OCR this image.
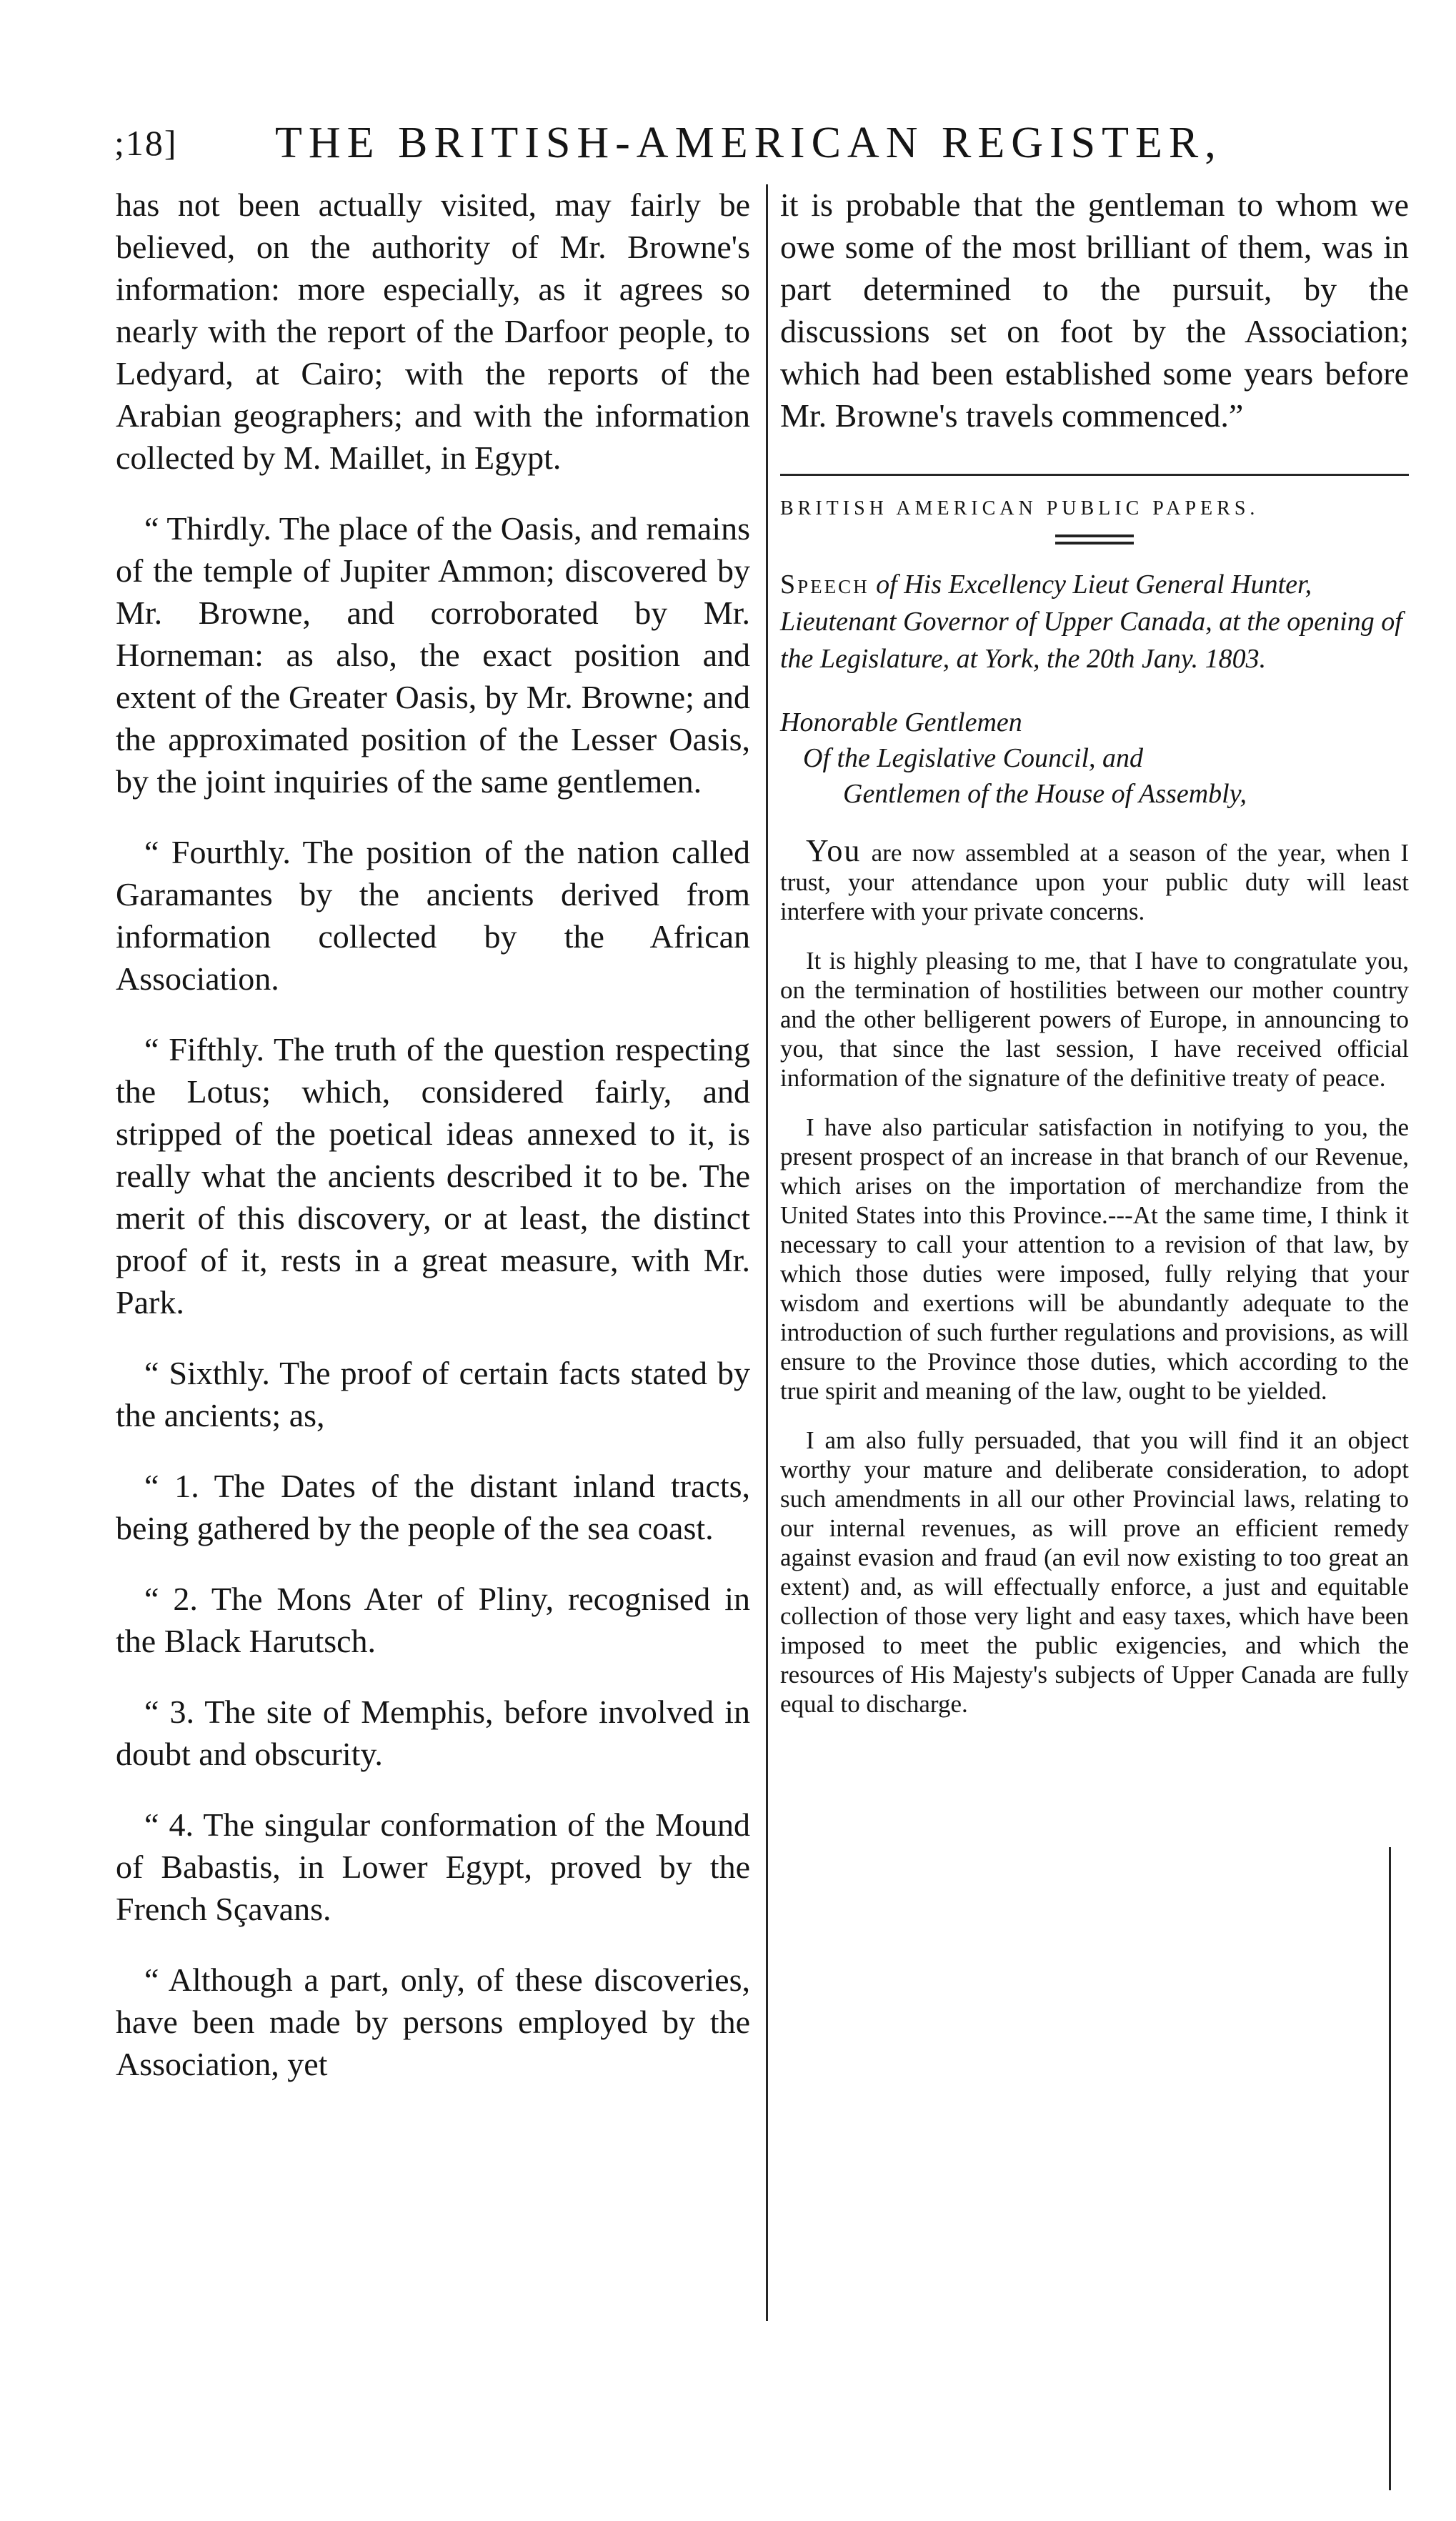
;18] THE BRITISH-AMERICAN REGISTER,

has not been actually visited, may fairly be believed, on the authority of Mr. Browne's information: more especially, as it agrees so nearly with the report of the Darfoor people, to Ledyard, at Cairo; with the reports of the Arabian geographers; and with the information collected by M. Maillet, in Egypt.

“ Thirdly. The place of the Oasis, and remains of the temple of Jupiter Ammon; discovered by Mr. Browne, and corroborated by Mr. Horneman: as also, the exact position and extent of the Greater Oasis, by Mr. Browne; and the approximated position of the Lesser Oasis, by the joint inquiries of the same gentlemen.

“ Fourthly. The position of the nation called Garamantes by the ancients derived from information collected by the African Association.

“ Fifthly. The truth of the question respecting the Lotus; which, considered fairly, and stripped of the poetical ideas annexed to it, is really what the ancients described it to be. The merit of this discovery, or at least, the distinct proof of it, rests in a great measure, with Mr. Park.

“ Sixthly. The proof of certain facts stated by the ancients; as,

“ 1. The Dates of the distant inland tracts, being gathered by the people of the sea coast.

“ 2. The Mons Ater of Pliny, recognised in the Black Harutsch.

“ 3. The site of Memphis, before involved in doubt and obscurity.

“ 4. The singular conformation of the Mound of Babastis, in Lower Egypt, proved by the French Sçavans.

“ Although a part, only, of these discoveries, have been made by persons employed by the Association, yet

it is probable that the gentleman to whom we owe some of the most brilliant of them, was in part determined to the pursuit, by the discussions set on foot by the Association; which had been established some years before Mr. Browne's travels commenced.”

BRITISH AMERICAN PUBLIC PAPERS.

Speech of His Excellency Lieut General Hunter, Lieutenant Governor of Upper Canada, at the opening of the Legislature, at York, the 20th Jany. 1803.

Honorable Gentlemen
Of the Legislative Council, and
Gentlemen of the House of Assembly,

You are now assembled at a season of the year, when I trust, your attendance upon your public duty will least interfere with your private concerns.

It is highly pleasing to me, that I have to congratulate you, on the termination of hostilities between our mother country and the other belligerent powers of Europe, in announcing to you, that since the last session, I have received official information of the signature of the definitive treaty of peace.

I have also particular satisfaction in notifying to you, the present prospect of an increase in that branch of our Revenue, which arises on the importation of merchandize from the United States into this Province.---At the same time, I think it necessary to call your attention to a revision of that law, by which those duties were imposed, fully relying that your wisdom and exertions will be abundantly adequate to the introduction of such further regulations and provisions, as will ensure to the Province those duties, which according to the true spirit and meaning of the law, ought to be yielded.

I am also fully persuaded, that you will find it an object worthy your mature and deliberate consideration, to adopt such amendments in all our other Provincial laws, relating to our internal revenues, as will prove an efficient remedy against evasion and fraud (an evil now existing to too great an extent) and, as will effectually enforce, a just and equitable collection of those very light and easy taxes, which have been imposed to meet the public exigencies, and which the resources of His Majesty's subjects of Upper Canada are fully equal to discharge.
